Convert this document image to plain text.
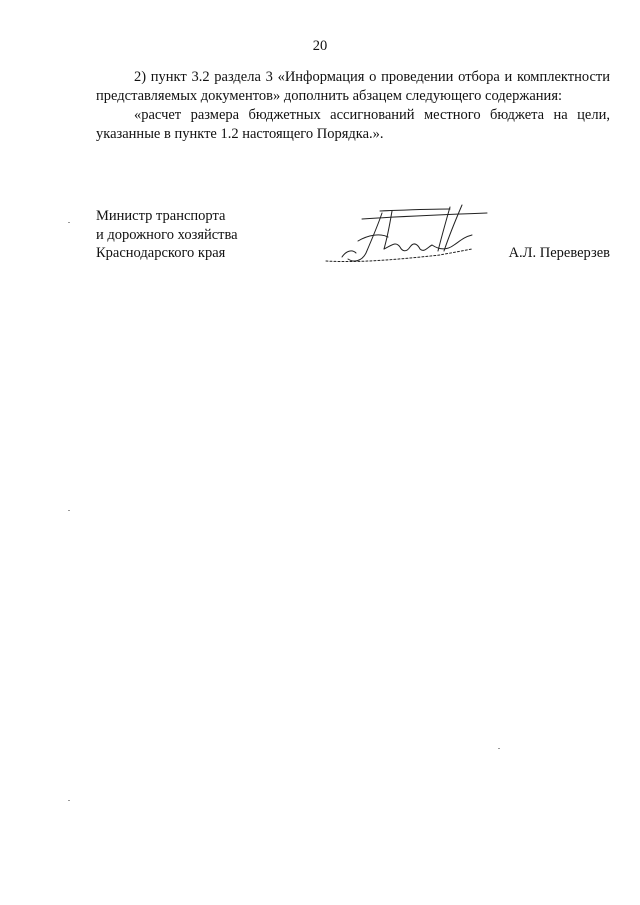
20

2) пункт 3.2 раздела 3 «Информация о проведении отбора и комплектности представляемых документов» дополнить абзацем следующего содержания:

«расчет размера бюджетных ассигнований местного бюджета на цели, указанные в пункте 1.2 настоящего Порядка.».

Министр транспорта
и дорожного хозяйства
Краснодарского края	А.Л. Переверзев
